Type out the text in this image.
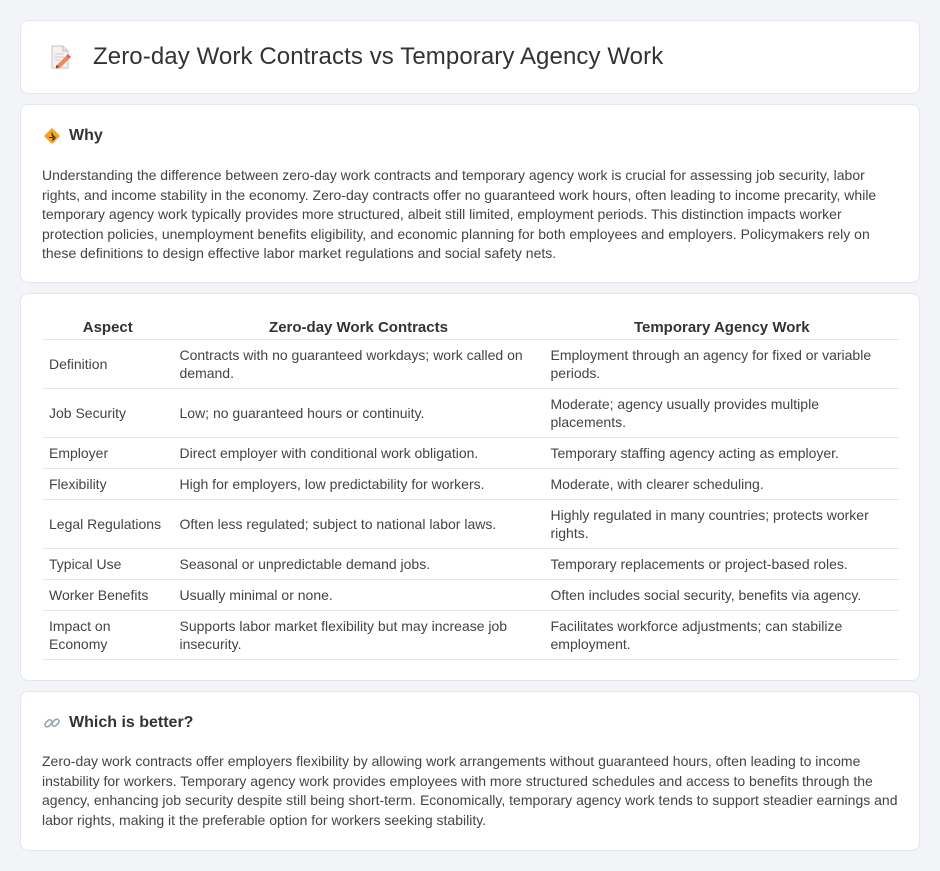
Zero-day Work Contracts vs Temporary Agency Work
Why

Understanding the difference between zero-day work contracts and temporary agency work is crucial for assessing job security, labor rights, and income stability in the economy. Zero-day contracts offer no guaranteed work hours, often leading to income precarity, while temporary agency work typically provides more structured, albeit still limited, employment periods. This distinction impacts worker protection policies, unemployment benefits eligibility, and economic planning for both employees and employers. Policymakers rely on these definitions to design effective labor market regulations and social safety nets.

Aspect	Zero-day Work Contracts	Temporary Agency Work
Definition	Contracts with no guaranteed workdays; work called on demand.	Employment through an agency for fixed or variable periods.
Job Security	Low; no guaranteed hours or continuity.	Moderate; agency usually provides multiple placements.
Employer	Direct employer with conditional work obligation.	Temporary staffing agency acting as employer.
Flexibility	High for employers, low predictability for workers.	Moderate, with clearer scheduling.
Legal Regulations	Often less regulated; subject to national labor laws.	Highly regulated in many countries; protects worker rights.
Typical Use	Seasonal or unpredictable demand jobs.	Temporary replacements or project-based roles.
Worker Benefits	Usually minimal or none.	Often includes social security, benefits via agency.
Impact on Economy	Supports labor market flexibility but may increase job insecurity.	Facilitates workforce adjustments; can stabilize employment.
Which is better?

Zero-day work contracts offer employers flexibility by allowing work arrangements without guaranteed hours, often leading to income instability for workers. Temporary agency work provides employees with more structured schedules and access to benefits through the agency, enhancing job security despite still being short-term. Economically, temporary agency work tends to support steadier earnings and labor rights, making it the preferable option for workers seeking stability.
